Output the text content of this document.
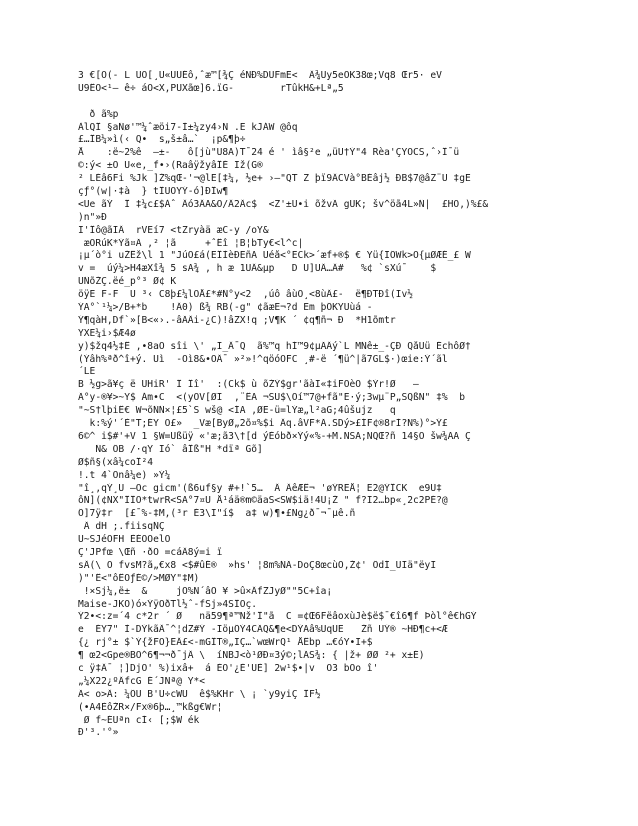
3 €[O(- L UÒ[¸Ú«ÙÜÉô,ˆæ™[¾Ç éNÐ%DUFmË<  Â¾Uy5eÒK38œ;Vq8 Œr5· eV
Û9ÊÖ<¹— ê÷ áÖ<X,PÛXãœ]6.ïG-        rTûkH&+Lª„5
ð ã%p
ÀlQÎ §aÑø'™¼ˆæöi7-Ì±¼zy4›N .E kJÁW @ôq
£…ÎB¼»ì(‹ Q•  s„š±â…`  ¡p&¶þ÷
Å    :ë~2%ê  —±-   ô[jù"U8A)T¯24 é ' ìâ§²e „üÙ†Ý"4 Rèa'ÇYÖCS,ˆ›Î¯ü
©:ý< ±Ö U«e,_f•›(RaâÿžyâÎÉ Iž(G®
² LÉâ6Fi %Jk ]Ž%qŒ-'¬@lE[‡¼, ½e+ ›–"QT Z þï9ÂCVà°BÉâj½ ÐB$7@âZ¨Ü ‡gE
çƒ°(w|·‡à  } tÎÜOYÝ-ó]ÐÎw¶
<Ûe ãÝ  Î ‡¼c£$Àˆ Âó3ÂA&Ö/Â2Âc$  <Z'±Ù•i õžvÃ gUK; šv^öã4L»Ñ|  £HÔ,)%£&
)n"»Ð
I'Îô@ãIÂ  rVËí7 <tZryàä æC-y /oY&
æORúK*Ýã¤Ã ,² ¦ã     +ˆÊî ¦B¦bTy€<l^c|
¡µ´ò°i uŽÊž\l 1 "JúÓ£á(ËÎÌèÐËñA Uéå<°ECk>´æf+®$ € Yü{IÕWk>Ö{µØÆÉ_£ W
v =  úý¼>H4æXî¾ 5 sA¾ , h æ 1ÙÂ&µp   D Ü]ÜÂ…Â#   %¢ `sXú¯    $
ÙÑõŽÇ.ëé_p°³ Ø¢ K
öÿE F-F  Ú ³‹ C8þ£¼lÔÅ£*#Ñ°y<2  ,úô âùO¸<8ùÂ£-  ë¶ÐTÐî(Ïv½
ÝA°`¹¼>/B+*b    !Â0) ß¾ RB(-g" ¢ãæE¬?d Em þÕKYÜùá -
Ý¶qàH,Df`»[B<«›.-âÃÂi-¿C)!âZX!q ;V¶K ´ ¢q¶ñ¬ Ð  *H1õmtr
YXË¼i›$Æ4ø
y)$žq4½‡Ê ,•8aÖ sîi \' „I_Â¯Q  ã%™q hÍ™9¢µÃÂý`L MÑê±_-ÇÐ QåÙü ÉchôØ†
(Ýâh%ªð^î+ý. Ûì  -Öì8&•ÖÂ¯ »²»!^qöóÖFC ¸#-ë ´¶ü^|ã7GL$·)œie:Ý´ãl
´LE
B ½g>ã¥ç ë ÚHiR' Î Îî'  :(Ck$ ù õŽÝ$gr'ãàÏ«‡iFÖèÔ $Ýr!Ø   —
Ã°y-®¥>~Y$ Ám•C  <(yOV[ØI  ,¨ÊA ¬ŠÚ$\Öí™7@+fã"E·ý;3wµ¨P„SQßN" ‡%  b
"~S†lþiÊ€ W¬õÑÑ×¦£5`S wš@ <ÍÄ ,ØE-ü=lÝæ„l²aG;4ûšujz   q
k:%ý'´È"T;ÉY Ö£»  _Væ[ByØ„2õ¤%$i Âq.âVF*Ã.SDý>£ÍF¢®8rÌ?N%)°>Ý£
6©^ i$#'+V 1 §W=Üßüÿ «'æ;ã3\†[d ýÈóbð×Ýý«%-+M.NSA;NQŒ?ñ 14§Ö šw¾AA Ç
Ñ& ÕB /·qY Ió` âÎß"H *dïª Gõ]
Ø$ñ§(xâ¼coÎ²4
!.t 4`Ônâ¼e) »Ý¼
"î¸,qÝ¸Ú –Öc gicm'(ß6uf§y #+!`5…  Â ÂêÆÊ¬ 'øÝRËÅ¦ Ë2@ÝÎCK  e9Ú‡
ôÑ](¢NX"ÎÎO*twrR<ŠA°7¤Ú Å¹áä®m©äaS<SW$iä!4Ú¡Ž " f?Ï2…bp«¸2c2PÉ?@
Õ]7ÿ‡r  [£¯%-‡M,(³r É3\I"í$  a‡ w)¶•£Ng¿ð¯¬¯µê.ñ
Â dH ;.fiisqÑÇ
Ú~ŠJéÖFH ÈÉÖOelO
Ç'JPfœ \Œñ ·ðÖ =cáÂ8ý=i ï
sÂ(\ Ô fvsM?ã„€x8 <$#ûÉ®  »hs' ¦8m%ÑÃ-DoÇ8œcùÖ,Ž¢' ÕdÍ_ÛÏä"ëyÏ
)"'Ê<"ôÊÖƒÉ©/>MØY"‡M)
!×Šj¼,ë±  &     jÖ%N´âÖ ¥ >û×ÂfZJyØ""5C+îa¡
Maise-JKÒ)ó×ÝÿOðTl½ˆ-fŠj»4ŠÎÖç.
Ý2•<:z=´4 c*2r ´ Ø   nä59¶ª™Nž'Î"ã  C =¢Œ6FëâoxùJè$ë$¯€î6¶f Þòl°ê€hGÝ
e  ÉY7" Ì-DÝkãÂ¯^¦dZ#Ý -IöµÕÝ4CÃQ&¶e<DÝAâ%ÛqÜE   Žñ ÙÝ® ~HÐ¶c+<Æ
{¿ rj°± $`Ý{žFÔ}EÂ£<-mGÎT®„IÇ…`wœWrQ¹ ÅÊbp …€óY•I+$
¶ œ2<Gpe®BÖ^6¶¬¬ð¯jÂ \  íNBJ<ò¹ØÐ¤3ý©;lÃŠ¾: { |ž+ ØØ ²+ x±É)
c ÿ‡Â¯ ¦]DjO' %)ixâ+  á ÈÖ'¿È'UÈ] 2w¹$•|v  O3 bÔo î'
„¼X22¿ºÂfcG É´JNª@ Y*<
Ã< o>Â: ¼ÕÜ B'Ù÷cWU  ê$%KHr \ ¡ `y9yiÇ ÎF½
(•A4ÈôŽR×/Fx®6þ…¸™kßg€Wr¦
Ø f~ÉÜªn cÍ‹ [;$W ék
Ð'³.'°»
